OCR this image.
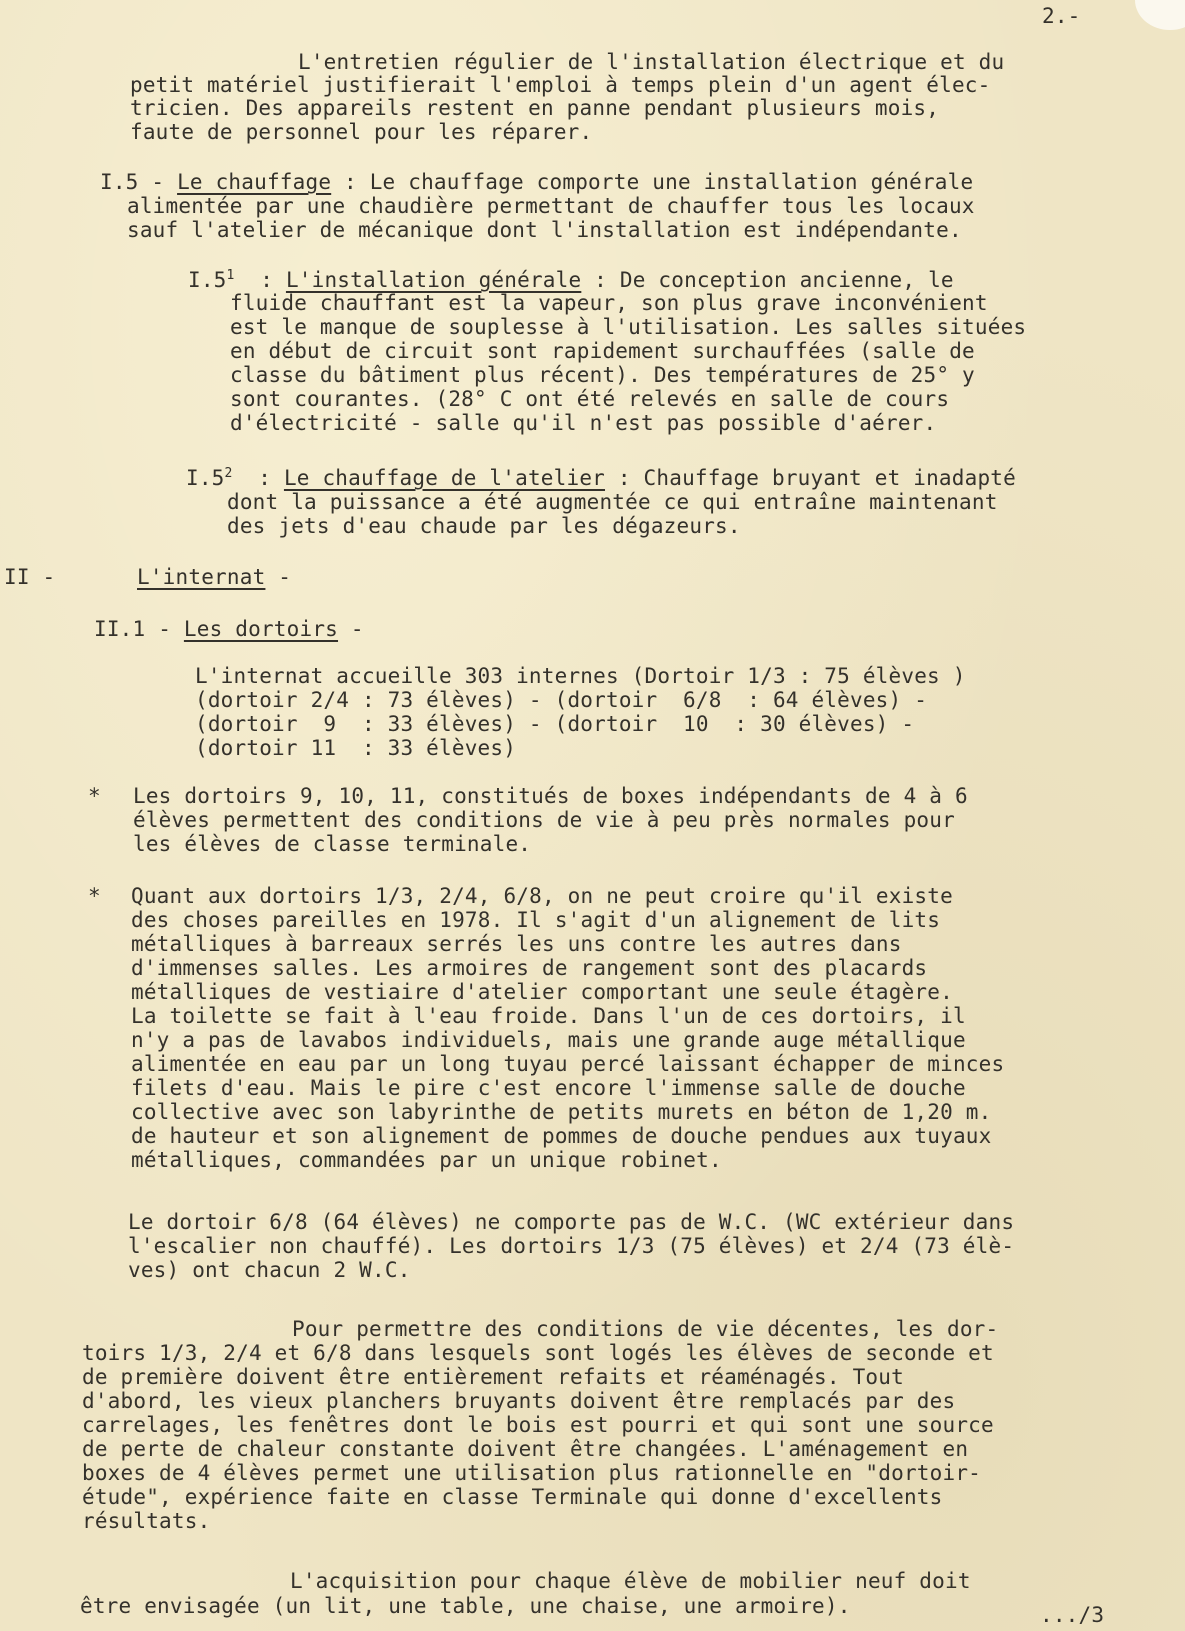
2.-
L'entretien régulier de l'installation électrique et du
petit matériel justifierait l'emploi à temps plein d'un agent élec-
tricien. Des appareils restent en panne pendant plusieurs mois,
faute de personnel pour les réparer.
I.5 - Le chauffage : Le chauffage comporte une installation générale
alimentée par une chaudière permettant de chauffer tous les locaux
sauf l'atelier de mécanique dont l'installation est indépendante.
$I.5^1$  : L'installation générale : De conception ancienne, le
fluide chauffant est la vapeur, son plus grave inconvénient
est le manque de souplesse à l'utilisation. Les salles situées
en début de circuit sont rapidement surchauffées (salle de
classe du bâtiment plus récent). Des températures de 25° y
sont courantes. (28° C ont été relevés en salle de cours
d'électricité - salle qu'il n'est pas possible d'aérer.
$I.5^2$  : Le chauffage de l'atelier : Chauffage bruyant et inadapté
dont la puissance a été augmentée ce qui entraîne maintenant
des jets d'eau chaude par les dégazeurs.
II -	L'internat -
II.1 - Les dortoirs -
L'internat accueille 303 internes (Dortoir 1/3 : 75 élèves )
(dortoir 2/4 : 73 élèves) - (dortoir  6/8  : 64 élèves) -
(dortoir  9  : 33 élèves) - (dortoir  10  : 30 élèves) -
(dortoir 11  : 33 élèves)
* Les dortoirs 9, 10, 11, constitués de boxes indépendants de 4 à 6
élèves permettent des conditions de vie à peu près normales pour
les élèves de classe terminale.
* Quant aux dortoirs 1/3, 2/4, 6/8, on ne peut croire qu'il existe
des choses pareilles en 1978. Il s'agit d'un alignement de lits
métalliques à barreaux serrés les uns contre les autres dans
d'immenses salles. Les armoires de rangement sont des placards
métalliques de vestiaire d'atelier comportant une seule étagère.
La toilette se fait à l'eau froide. Dans l'un de ces dortoirs, il
n'y a pas de lavabos individuels, mais une grande auge métallique
alimentée en eau par un long tuyau percé laissant échapper de minces
filets d'eau. Mais le pire c'est encore l'immense salle de douche
collective avec son labyrinthe de petits murets en béton de 1,20 m.
de hauteur et son alignement de pommes de douche pendues aux tuyaux
métalliques, commandées par un unique robinet.
Le dortoir 6/8 (64 élèves) ne comporte pas de W.C. (WC extérieur dans
l'escalier non chauffé). Les dortoirs 1/3 (75 élèves) et 2/4 (73 élè-
ves) ont chacun 2 W.C.
Pour permettre des conditions de vie décentes, les dor-
toirs 1/3, 2/4 et 6/8 dans lesquels sont logés les élèves de seconde et
de première doivent être entièrement refaits et réaménagés. Tout
d'abord, les vieux planchers bruyants doivent être remplacés par des
carrelages, les fenêtres dont le bois est pourri et qui sont une source
de perte de chaleur constante doivent être changées. L'aménagement en
boxes de 4 élèves permet une utilisation plus rationnelle en "dortoir-
étude", expérience faite en classe Terminale qui donne d'excellents
résultats.
L'acquisition pour chaque élève de mobilier neuf doit
être envisagée (un lit, une table, une chaise, une armoire).	.../3
